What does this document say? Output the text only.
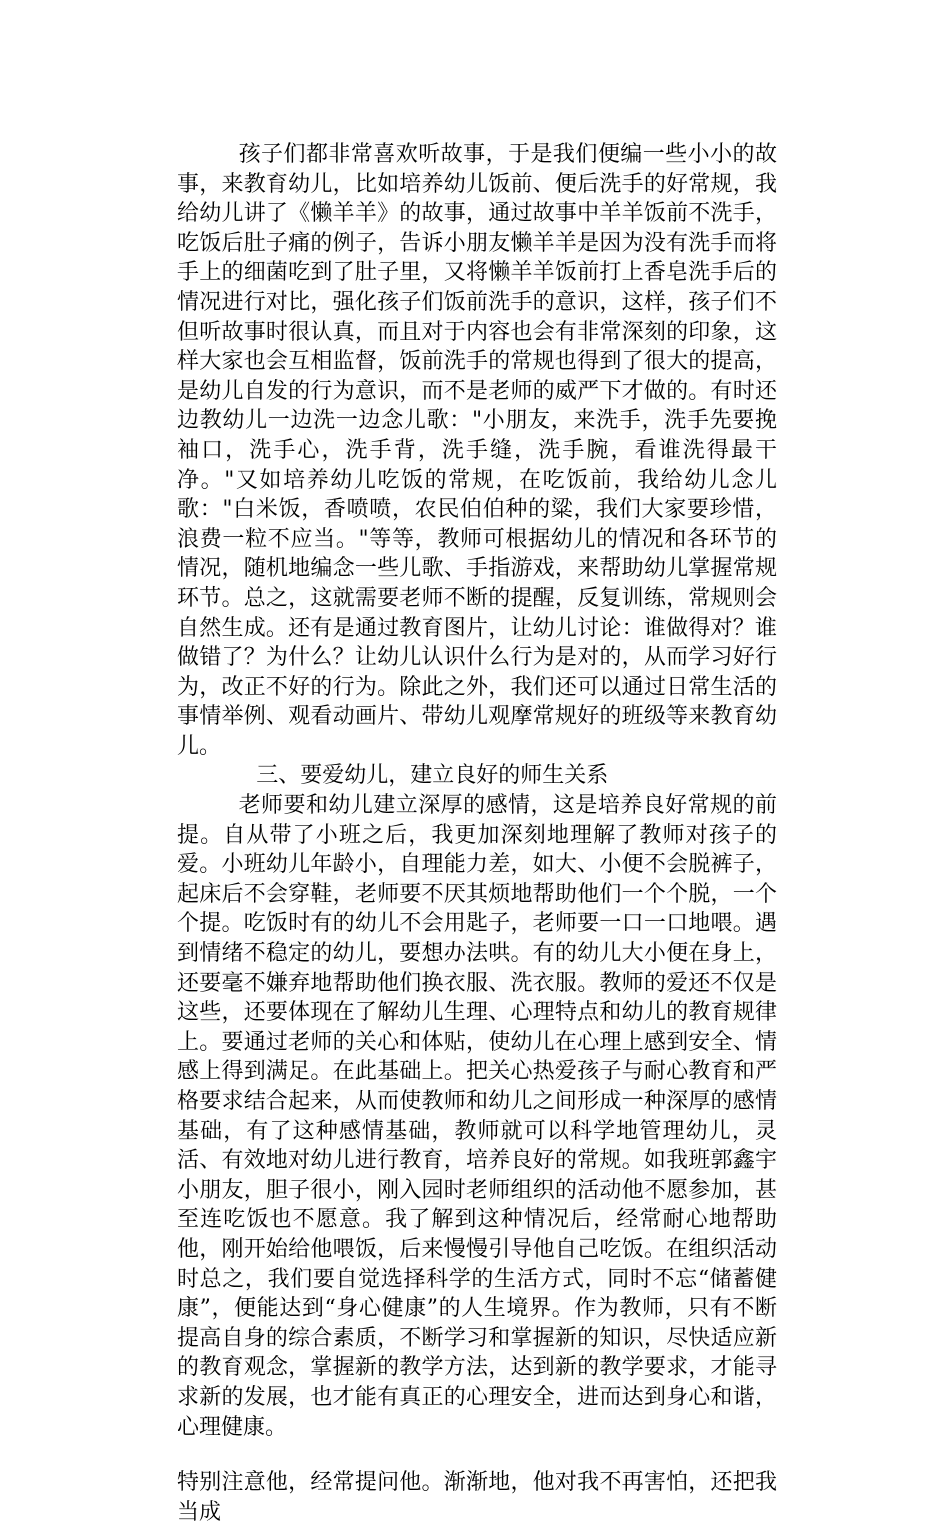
孩子们都非常喜欢听故事，于是我们便编一些小小的故事，来教育幼儿，比如培养幼儿饭前、便后洗手的好常规，我给幼儿讲了《懒羊羊》的故事，通过故事中羊羊饭前不洗手，吃饭后肚子痛的例子，告诉小朋友懒羊羊是因为没有洗手而将手上的细菌吃到了肚子里，又将懒羊羊饭前打上香皂洗手后的情况进行对比，强化孩子们饭前洗手的意识，这样，孩子们不但听故事时很认真，而且对于内容也会有非常深刻的印象，这样大家也会互相监督，饭前洗手的常规也得到了很大的提高，是幼儿自发的行为意识，而不是老师的威严下才做的。有时还边教幼儿一边洗一边念儿歌："小朋友，来洗手，洗手先要挽袖口，洗手心，洗手背，洗手缝，洗手腕，看谁洗得最干净。"又如培养幼儿吃饭的常规，在吃饭前，我给幼儿念儿歌："白米饭，香喷喷，农民伯伯种的粱，我们大家要珍惜，浪费一粒不应当。"等等，教师可根据幼儿的情况和各环节的情况，随机地编念一些儿歌、手指游戏，来帮助幼儿掌握常规环节。总之，这就需要老师不断的提醒，反复训练，常规则会自然生成。还有是通过教育图片，让幼儿讨论：谁做得对？谁做错了？为什么？让幼儿认识什么行为是对的，从而学习好行为，改正不好的行为。除此之外，我们还可以通过日常生活的事情举例、观看动画片、带幼儿观摩常规好的班级等来教育幼儿。

三、要爱幼儿，建立良好的师生关系

老师要和幼儿建立深厚的感情，这是培养良好常规的前提。自从带了小班之后，我更加深刻地理解了教师对孩子的爱。小班幼儿年龄小，自理能力差，如大、小便不会脱裤子，起床后不会穿鞋，老师要不厌其烦地帮助他们一个个脱，一个个提。吃饭时有的幼儿不会用匙子，老师要一口一口地喂。遇到情绪不稳定的幼儿，要想办法哄。有的幼儿大小便在身上，还要毫不嫌弃地帮助他们换衣服、洗衣服。教师的爱还不仅是这些，还要体现在了解幼儿生理、心理特点和幼儿的教育规律上。要通过老师的关心和体贴，使幼儿在心理上感到安全、情感上得到满足。在此基础上。把关心热爱孩子与耐心教育和严格要求结合起来，从而使教师和幼儿之间形成一种深厚的感情基础，有了这种感情基础，教师就可以科学地管理幼儿，灵活、有效地对幼儿进行教育，培养良好的常规。如我班郭鑫宇小朋友，胆子很小，刚入园时老师组织的活动他不愿参加，甚至连吃饭也不愿意。我了解到这种情况后，经常耐心地帮助他，刚开始给他喂饭，后来慢慢引导他自己吃饭。在组织活动时总之，我们要自觉选择科学的生活方式，同时不忘“储蓄健康”，便能达到“身心健康”的人生境界。作为教师，只有不断提高自身的综合素质，不断学习和掌握新的知识，尽快适应新的教育观念，掌握新的教学方法，达到新的教学要求，才能寻求新的发展，也才能有真正的心理安全，进而达到身心和谐，心理健康。

特别注意他，经常提问他。渐渐地，他对我不再害怕，还把我当成
